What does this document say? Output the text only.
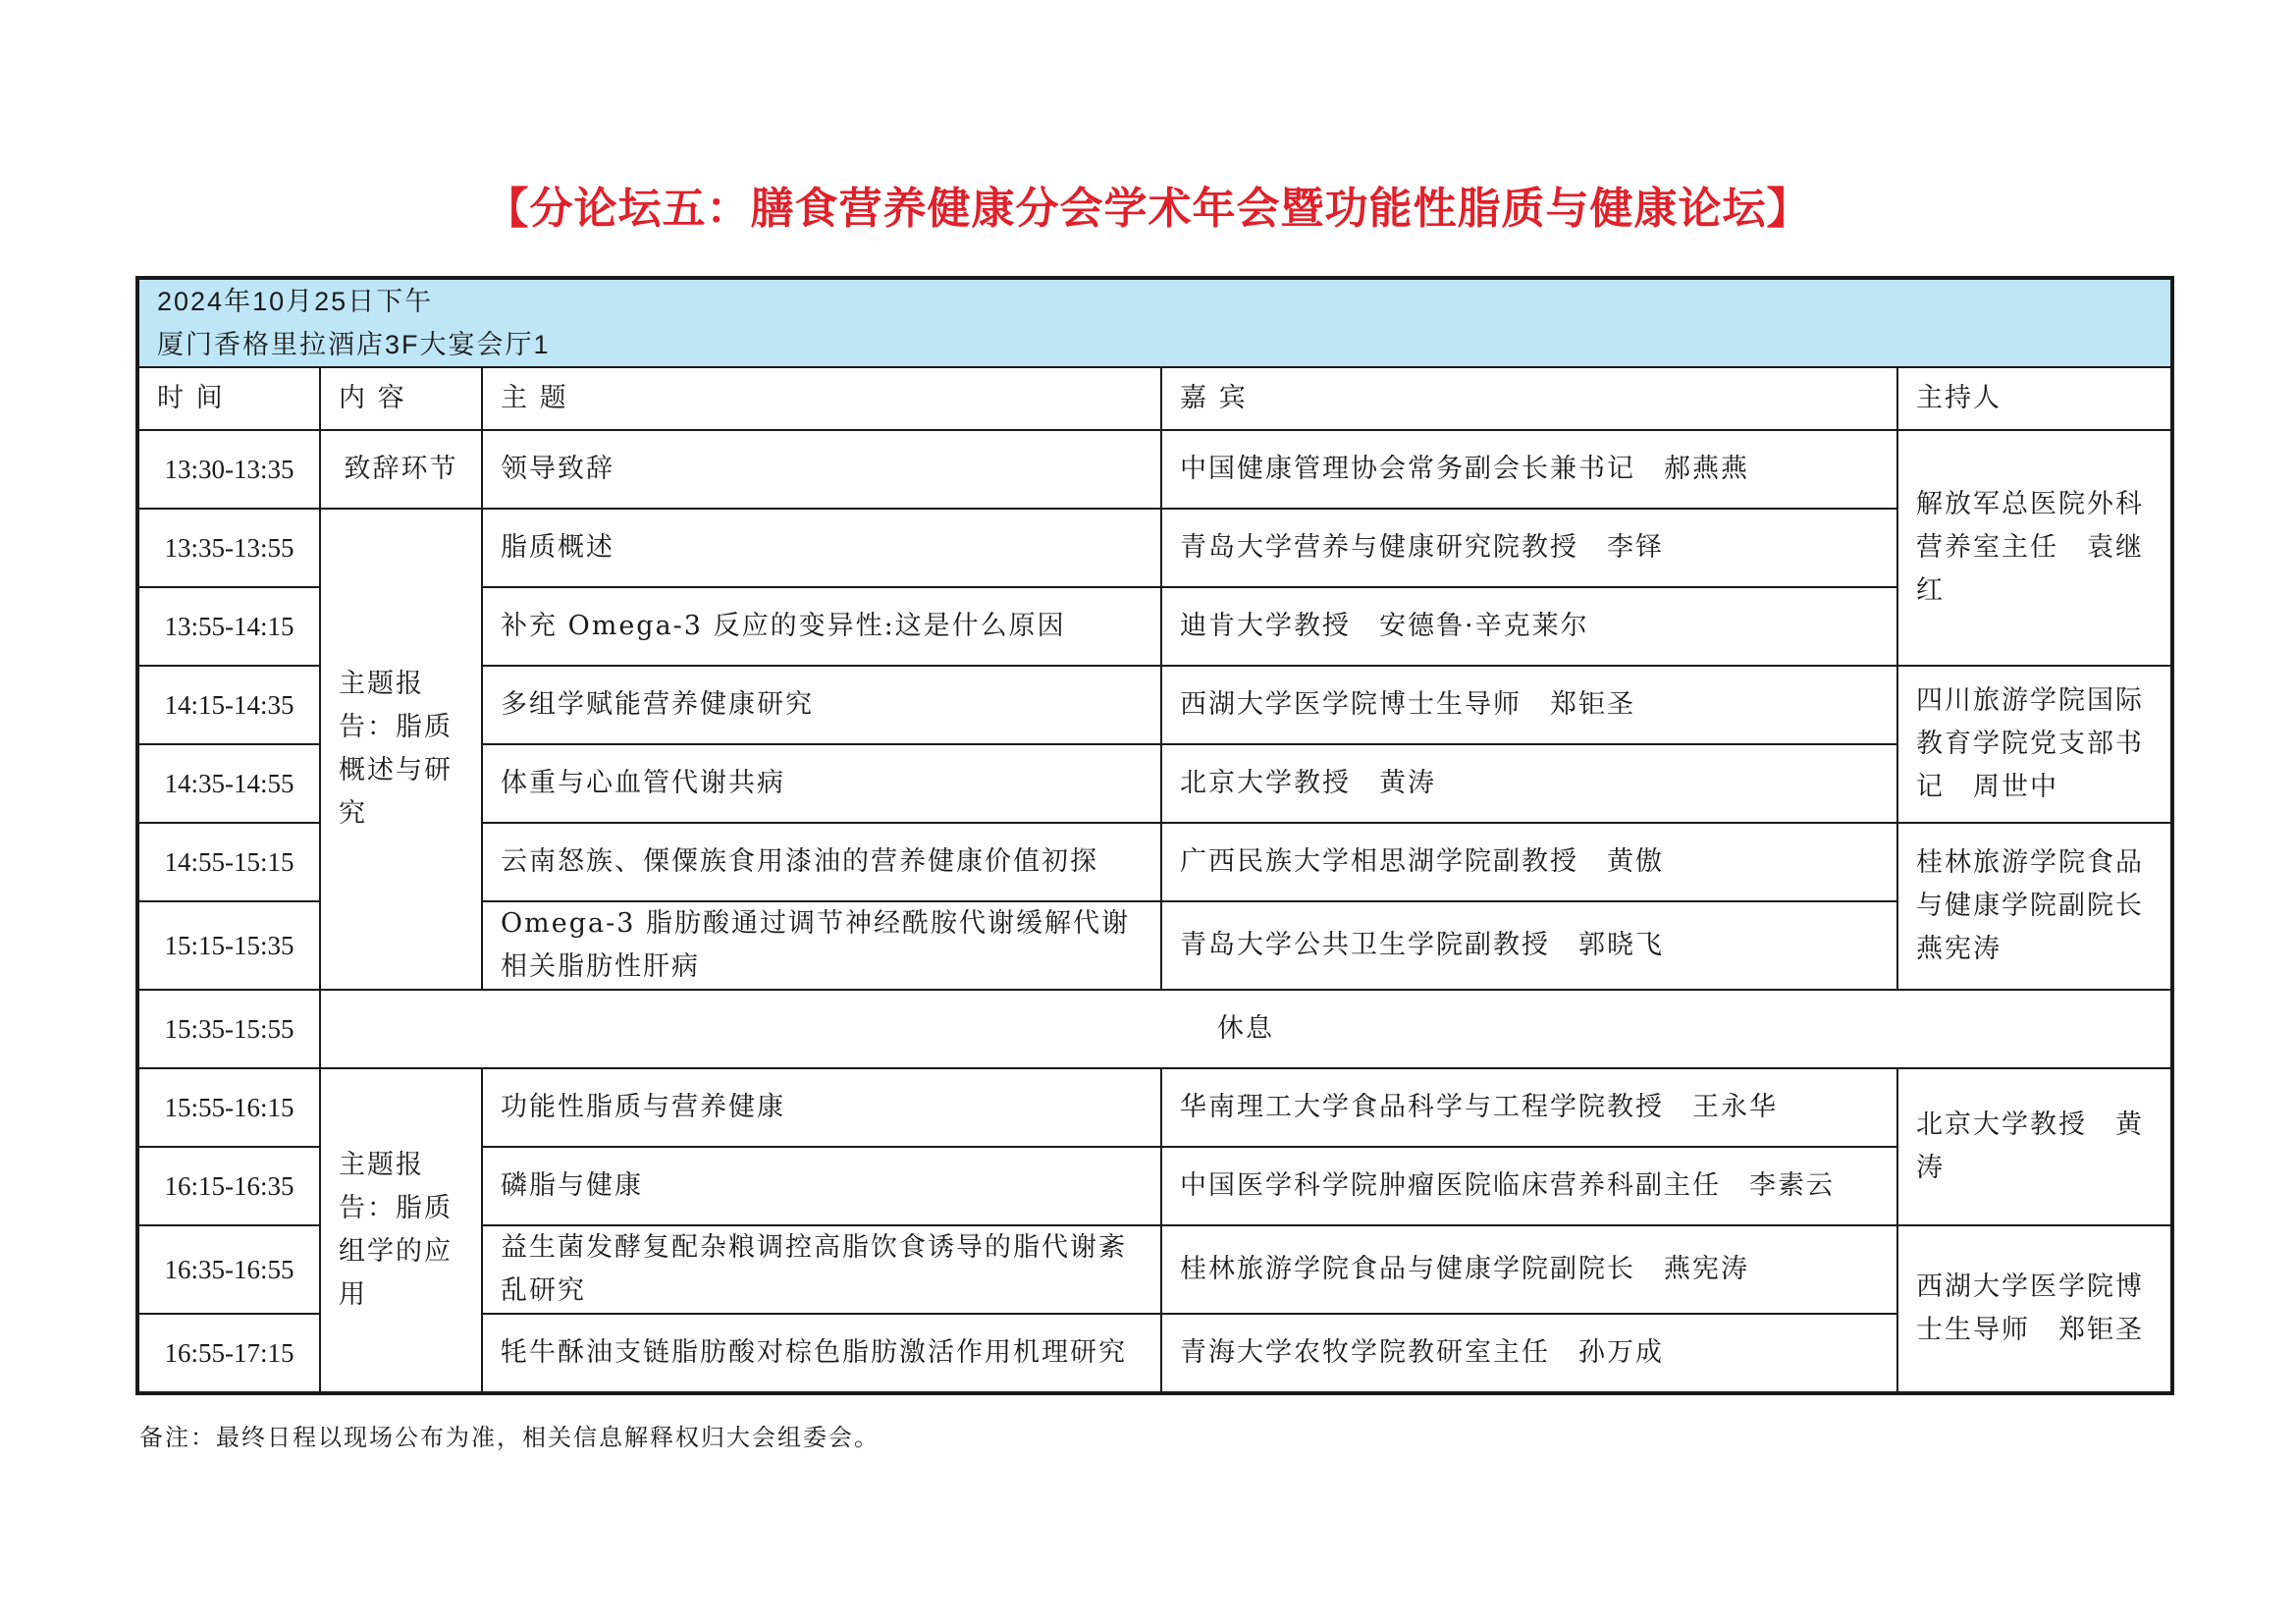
【分论坛五：膳食营养健康分会学术年会暨功能性脂质与健康论坛】
2024年10月25日下午
厦门香格里拉酒店3F大宴会厅1				

时 间	内 容	主 题	嘉 宾	主持人
13:30-13:35	致辞环节	领导致辞	中国健康管理协会常务副会长兼书记　郝燕燕	解放军总医院外科营养室主任　袁继红
13:35-13:55	主题报告：脂质概述与研究	脂质概述	青岛大学营养与健康研究院教授　李铎	
13:55-14:15		补充 Omega-3 反应的变异性:这是什么原因	迪肯大学教授　安德鲁·辛克莱尔	
14:15-14:35		多组学赋能营养健康研究	西湖大学医学院博士生导师　郑钜圣	四川旅游学院国际教育学院党支部书记　周世中
14:35-14:55		体重与心血管代谢共病	北京大学教授　黄涛	
14:55-15:15		云南怒族、傈僳族食用漆油的营养健康价值初探	广西民族大学相思湖学院副教授　黄傲	桂林旅游学院食品与健康学院副院长 燕宪涛
15:15-15:35		Omega-3 脂肪酸通过调节神经酰胺代谢缓解代谢相关脂肪性肝病	青岛大学公共卫生学院副教授　郭晓飞	
15:35-15:55	休息			
15:55-16:15	主题报告：脂质组学的应用	功能性脂质与营养健康	华南理工大学食品科学与工程学院教授　王永华	北京大学教授　黄涛
16:15-16:35		磷脂与健康	中国医学科学院肿瘤医院临床营养科副主任　李素云	
16:35-16:55		益生菌发酵复配杂粮调控高脂饮食诱导的脂代谢紊乱研究	桂林旅游学院食品与健康学院副院长　燕宪涛	西湖大学医学院博士生导师　郑钜圣
16:55-17:15		牦牛酥油支链脂肪酸对棕色脂肪激活作用机理研究	青海大学农牧学院教研室主任　孙万成	
备注：最终日程以现场公布为准，相关信息解释权归大会组委会。
